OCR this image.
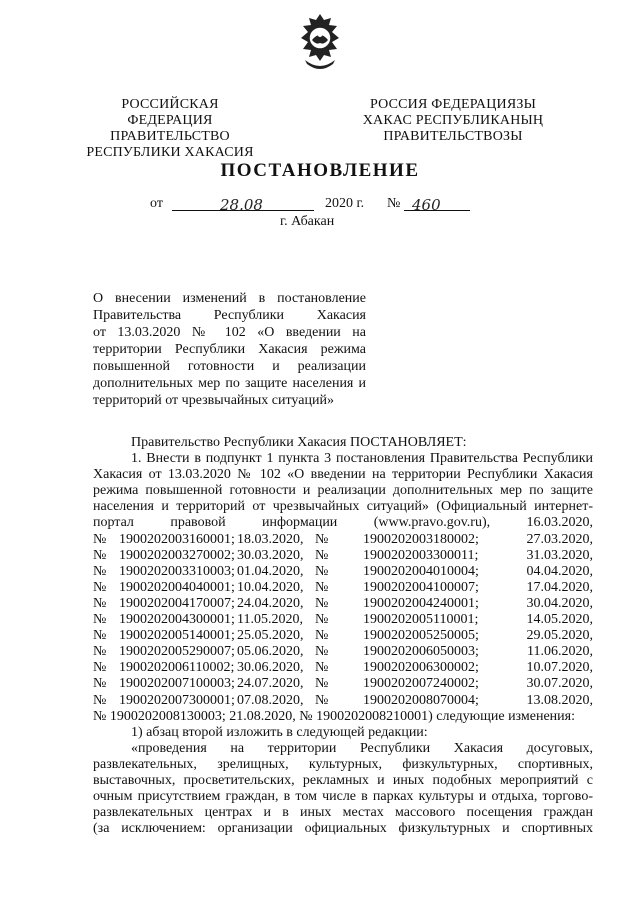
РОССИЙСКАЯ ФЕДЕРАЦИЯ
ПРАВИТЕЛЬСТВО
РЕСПУБЛИКИ ХАКАСИЯ
РОССИЯ ФЕДЕРАЦИЯЗЫ
ХАКАС РЕСПУБЛИКАНЫҢ
ПРАВИТЕЛЬСТВОЗЫ
ПОСТАНОВЛЕНИЕ
от	28.08	2020 г. № 460
г. Абакан
О внесении изменений в постановление
Правительства Республики Хакасия
от 13.03.2020 № 102 «О введении на
территории Республики Хакасия режима
повышенной готовности и реализации
дополнительных мер по защите населения и
территорий от чрезвычайных ситуаций»
Правительство Республики Хакасия ПОСТАНОВЛЯЕТ:
1. Внести в подпункт 1 пункта 3 постановления Правительства Республики
Хакасия от 13.03.2020 № 102 «О введении на территории Республики Хакасия
режима повышенной готовности и реализации дополнительных мер по защите
населения и территорий от чрезвычайных ситуаций» (Официальный интернет-
портал	правовой	информации	(www.pravo.gov.ru),	16.03.2020,
№ 1900202003160001; 18.03.2020, №	1900202003180002;	27.03.2020,
№ 1900202003270002; 30.03.2020, №	1900202003300011;	31.03.2020,
№ 1900202003310003; 01.04.2020, №	1900202004010004;	04.04.2020,
№ 1900202004040001; 10.04.2020, №	1900202004100007;	17.04.2020,
№ 1900202004170007; 24.04.2020, №	1900202004240001;	30.04.2020,
№ 1900202004300001; 11.05.2020, №	1900202005110001;	14.05.2020,
№ 1900202005140001; 25.05.2020, №	1900202005250005;	29.05.2020,
№ 1900202005290007; 05.06.2020, №	1900202006050003;	11.06.2020,
№ 1900202006110002; 30.06.2020, №	1900202006300002;	10.07.2020,
№ 1900202007100003; 24.07.2020, №	1900202007240002;	30.07.2020,
№ 1900202007300001; 07.08.2020, №	1900202008070004;	13.08.2020,
№ 1900202008130003; 21.08.2020, № 1900202008210001) следующие изменения:
1) абзац второй изложить в следующей редакции:
«проведения на территории Республики Хакасия досуговых,
развлекательных, зрелищных, культурных, физкультурных, спортивных,
выставочных, просветительских, рекламных и иных подобных мероприятий с
очным присутствием граждан, в том числе в парках культуры и отдыха, торгово-
развлекательных центрах и в иных местах массового посещения граждан
(за исключением: организации официальных физкультурных и спортивных
